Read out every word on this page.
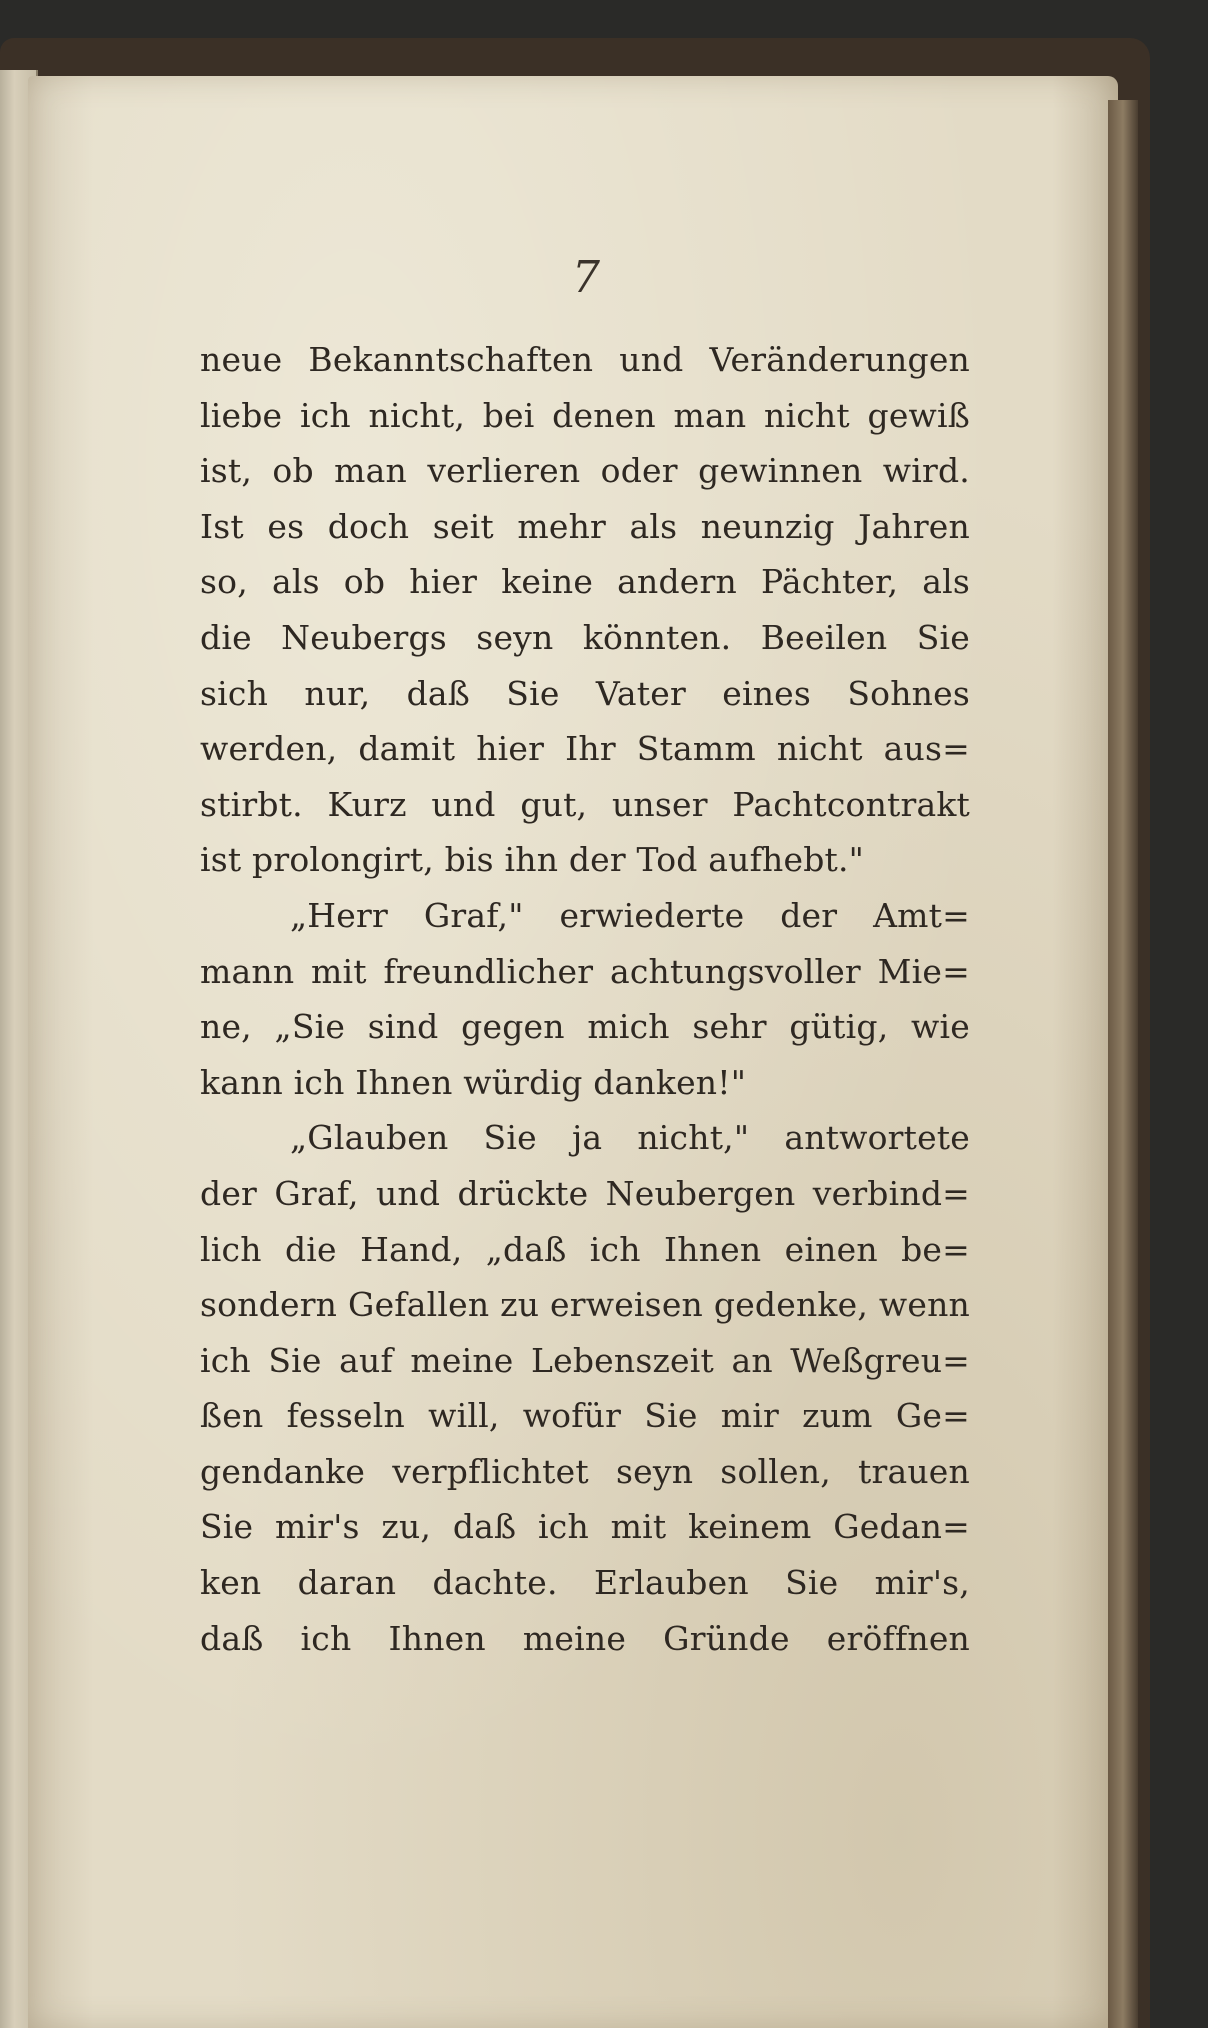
7

neue Bekanntschaften und Veränderungen
liebe ich nicht, bei denen man nicht gewiß
ist, ob man verlieren oder gewinnen wird.
Ist es doch seit mehr als neunzig Jahren
so, als ob hier keine andern Pächter, als
die Neubergs seyn könnten. Beeilen Sie
sich nur, daß Sie Vater eines Sohnes
werden, damit hier Ihr Stamm nicht aus=
stirbt. Kurz und gut, unser Pachtcontrakt
ist prolongirt, bis ihn der Tod aufhebt."
„Herr Graf," erwiederte der Amt=
mann mit freundlicher achtungsvoller Mie=
ne, „Sie sind gegen mich sehr gütig, wie
kann ich Ihnen würdig danken!"
„Glauben Sie ja nicht," antwortete
der Graf, und drückte Neubergen verbind=
lich die Hand, „daß ich Ihnen einen be=
sondern Gefallen zu erweisen gedenke, wenn
ich Sie auf meine Lebenszeit an Weßgreu=
ßen fesseln will, wofür Sie mir zum Ge=
gendanke verpflichtet seyn sollen, trauen
Sie mir's zu, daß ich mit keinem Gedan=
ken daran dachte. Erlauben Sie mir's,
daß ich Ihnen meine Gründe eröffnen
